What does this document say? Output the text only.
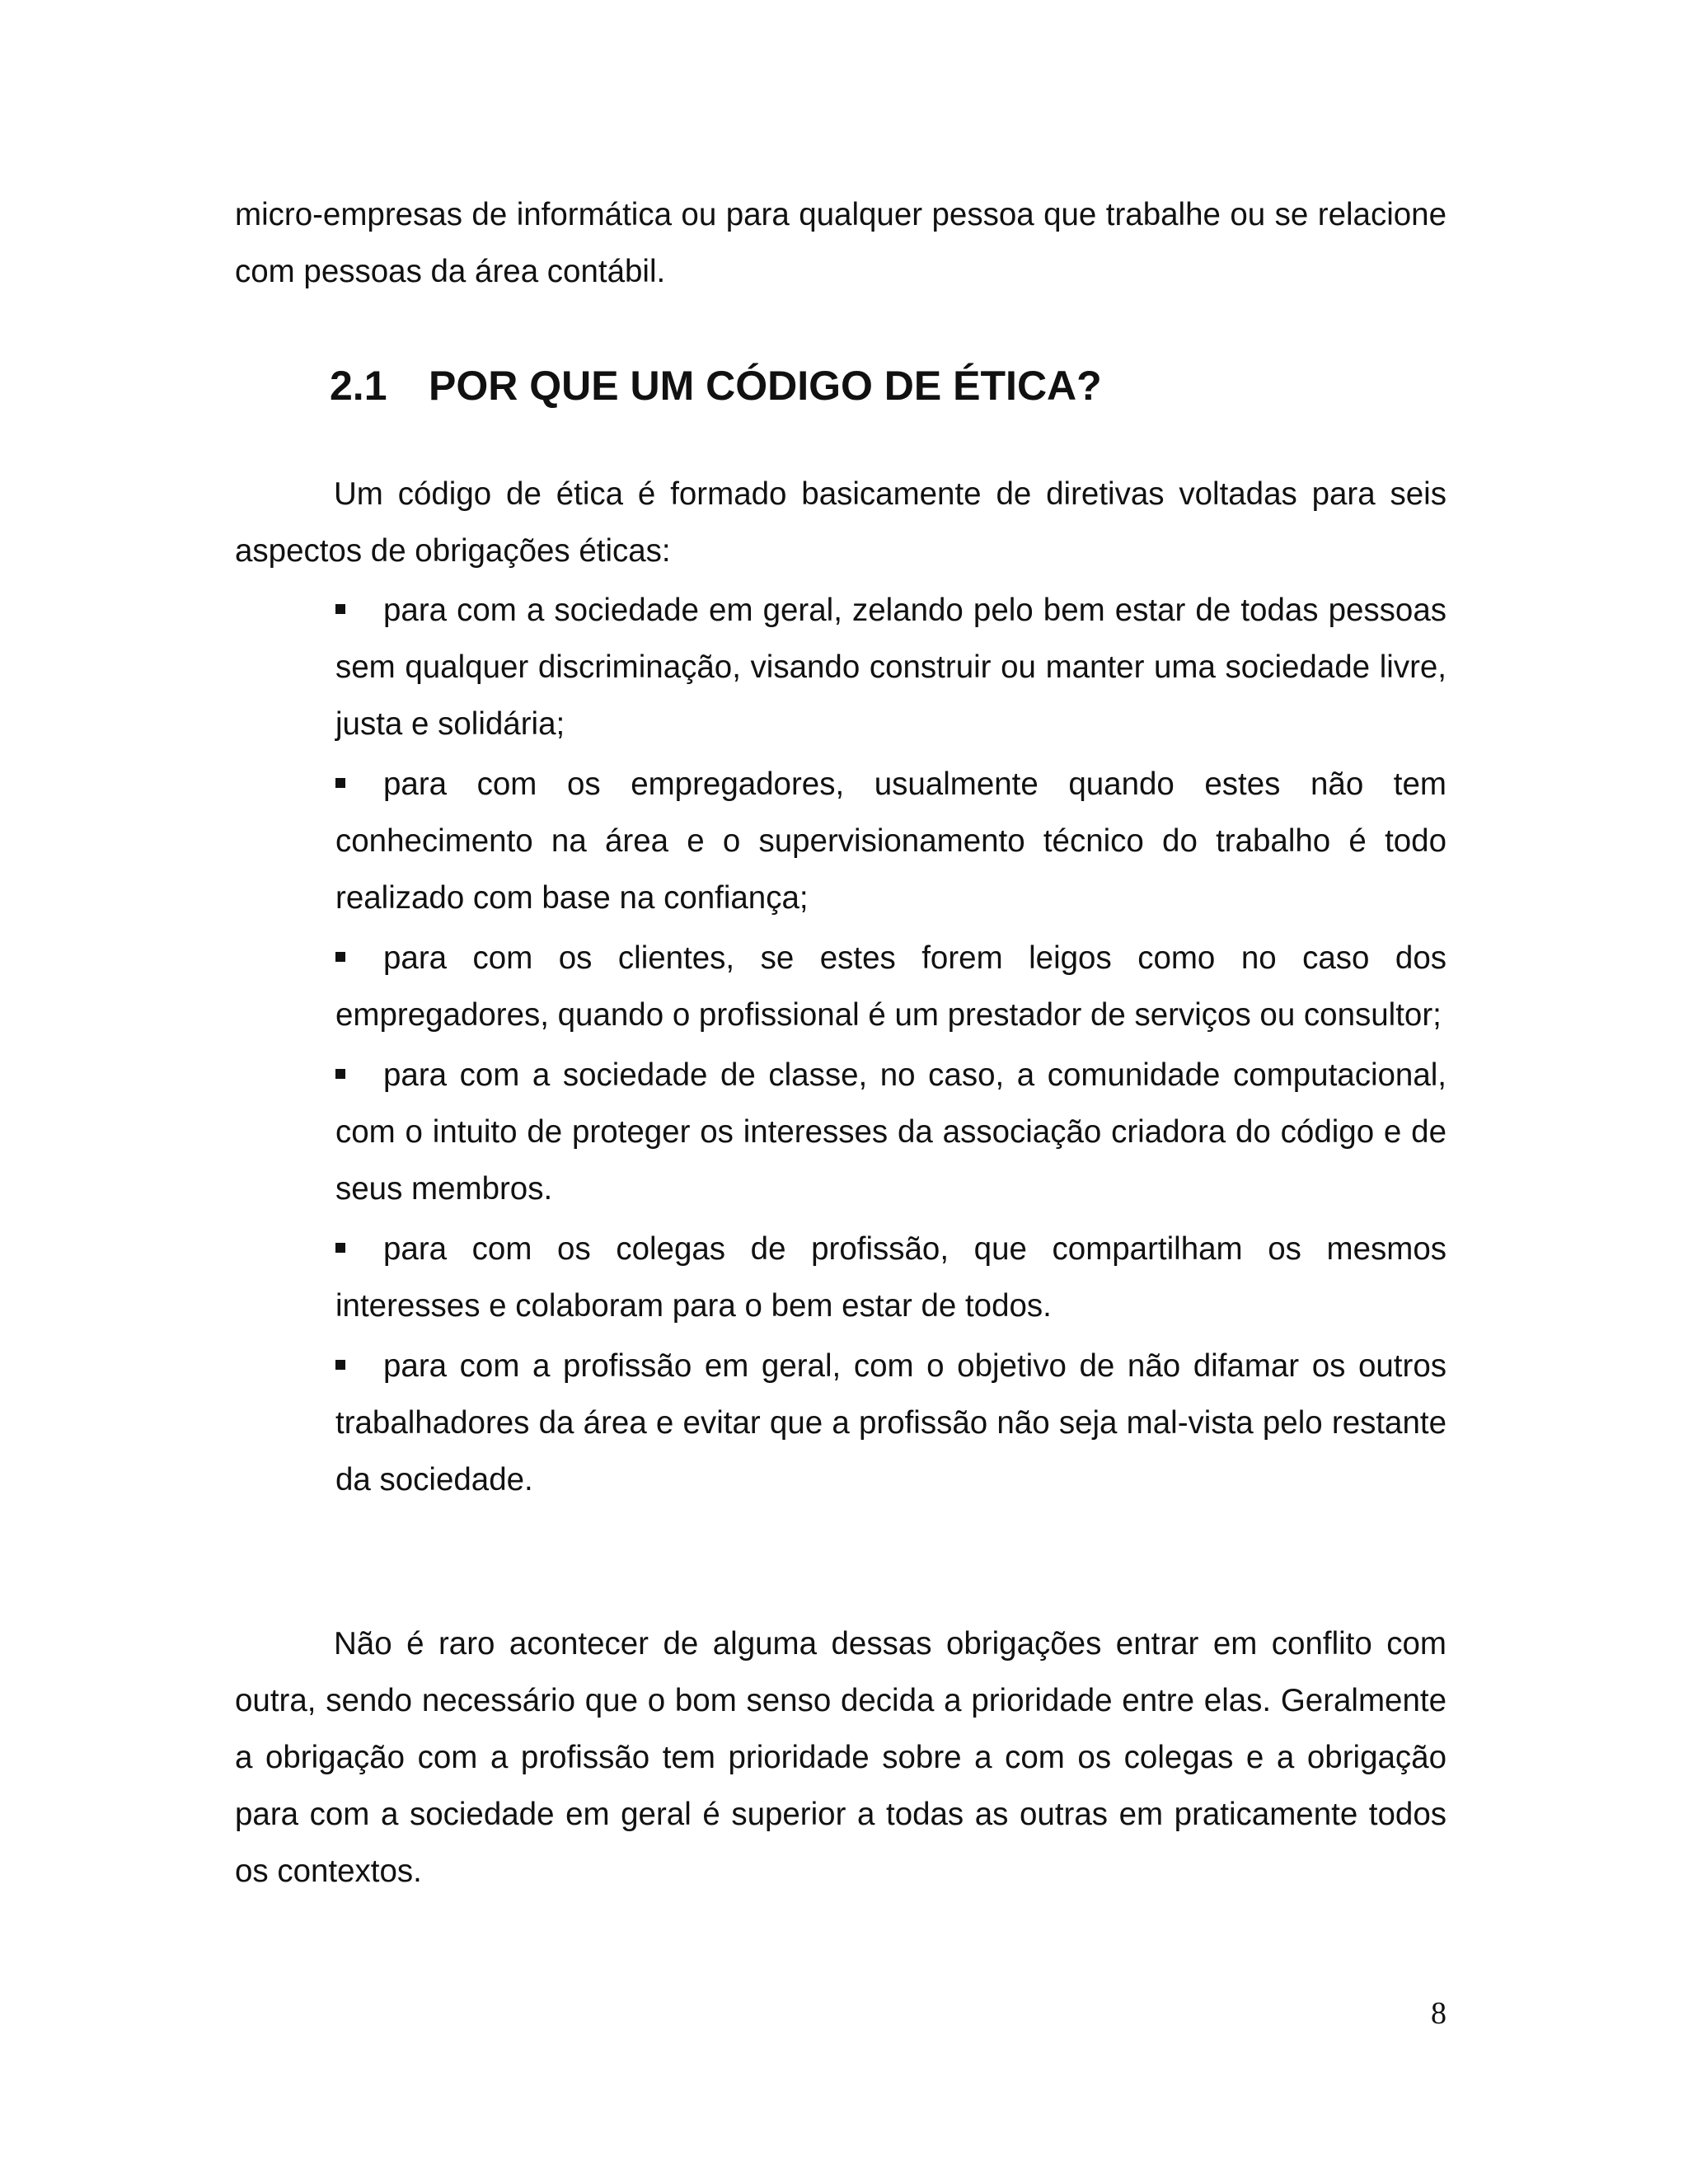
micro-empresas de informática ou para qualquer pessoa que trabalhe ou se relacione com pessoas da área contábil.

2.1 POR QUE UM CÓDIGO DE ÉTICA?

Um código de ética é formado basicamente de diretivas voltadas para seis aspectos de obrigações éticas:

para com a sociedade em geral, zelando pelo bem estar de todas pessoas sem qualquer discriminação, visando construir ou manter uma sociedade livre, justa e solidária;
para com os empregadores, usualmente quando estes não tem conhecimento na área e o supervisionamento técnico do trabalho é todo realizado com base na confiança;
para com os clientes, se estes forem leigos como no caso dos empregadores, quando o profissional é um prestador de serviços ou consultor;
para com a sociedade de classe, no caso, a comunidade computacional, com o intuito de proteger os interesses da associação criadora do código e de seus membros.
para com os colegas de profissão, que compartilham os mesmos interesses e colaboram para o bem estar de todos.
para com a profissão em geral, com o objetivo de não difamar os outros trabalhadores da área e evitar que a profissão não seja mal-vista pelo restante da sociedade.

Não é raro acontecer de alguma dessas obrigações entrar em conflito com outra, sendo necessário que o bom senso decida a prioridade entre elas. Geralmente a obrigação com a profissão tem prioridade sobre a com os colegas e a obrigação para com a sociedade em geral é superior a todas as outras em praticamente todos os contextos.

8
